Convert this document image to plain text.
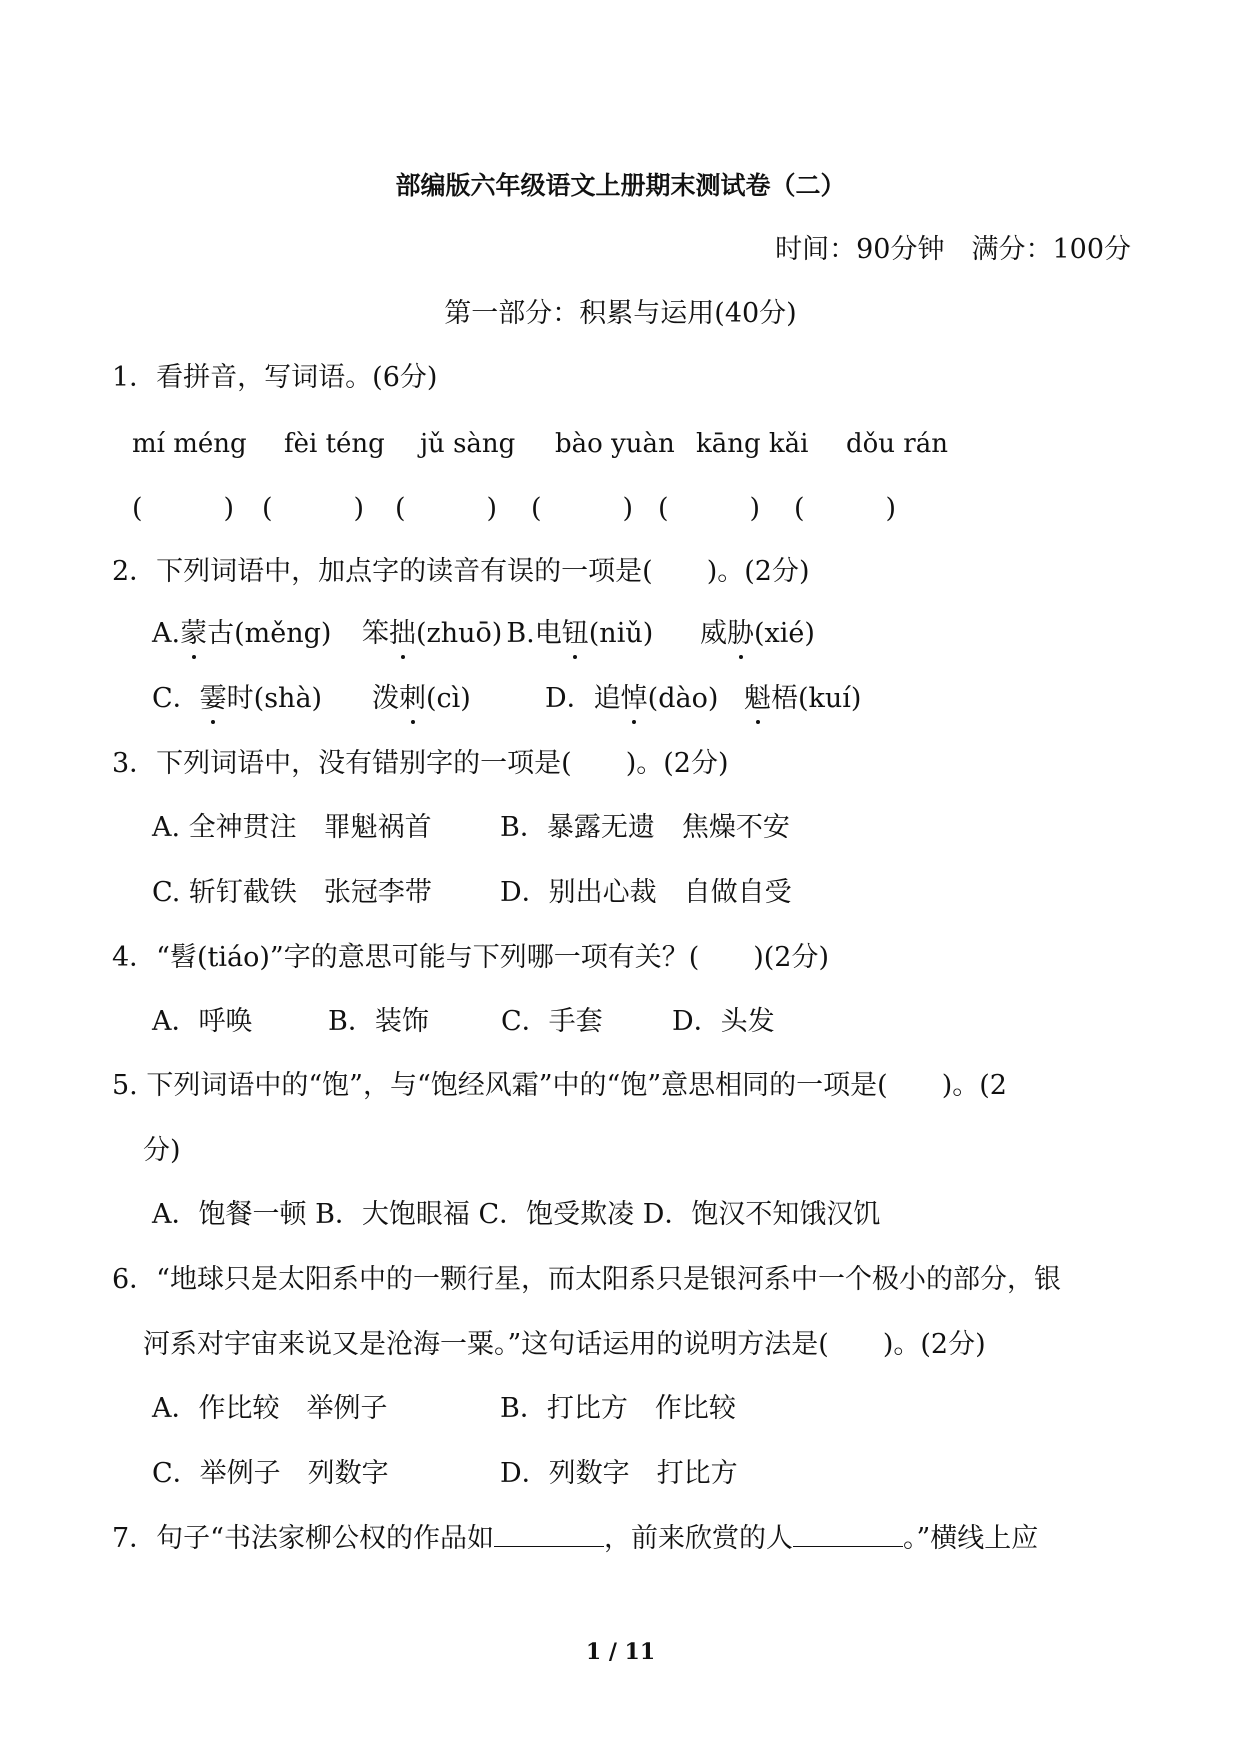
部编版六年级语文上册期末测试卷（二）
时间：90分钟　满分：100分
第一部分：积累与运用(40分)
1．看拼音，写词语。(6分)
mí méng fèi téng jǔ sàng bào yuàn kāng kǎi dǒu rán
(　　　) (　　　) (　　　) (　　　) (　　　) (　　　)
2．下列词语中，加点字的读音有误的一项是(　　)。(2分)
A.蒙古(měng) 笨拙(zhuō) B.电钮(niǔ) 威胁(xié)
C．霎时(shà) 泼刺(cì)	D．追悼(dào) 魁梧(kuí)
3．下列词语中，没有错别字的一项是(　　)。(2分)
A. 全神贯注　罪魁祸首	B．暴露无遗　焦燥不安
C. 斩钉截铁　张冠李带	D．别出心裁　自做自受
4．“髫(tiáo)”字的意思可能与下列哪一项有关？(　　)(2分)
A．呼唤	B．装饰	C．手套	D．头发
5. 下列词语中的“饱”，与“饱经风霜”中的“饱”意思相同的一项是(　　)。(2
分)
A．饱餐一顿 B．大饱眼福 C．饱受欺凌 D．饱汉不知饿汉饥
6．“地球只是太阳系中的一颗行星，而太阳系只是银河系中一个极小的部分，银
河系对宇宙来说又是沧海一粟。”这句话运用的说明方法是(　　)。(2分)
A．作比较　举例子	B．打比方　作比较
C．举例子　列数字	D．列数字　打比方
7．句子“书法家柳公权的作品如	，前来欣赏的人	。”横线上应
1 / 11
